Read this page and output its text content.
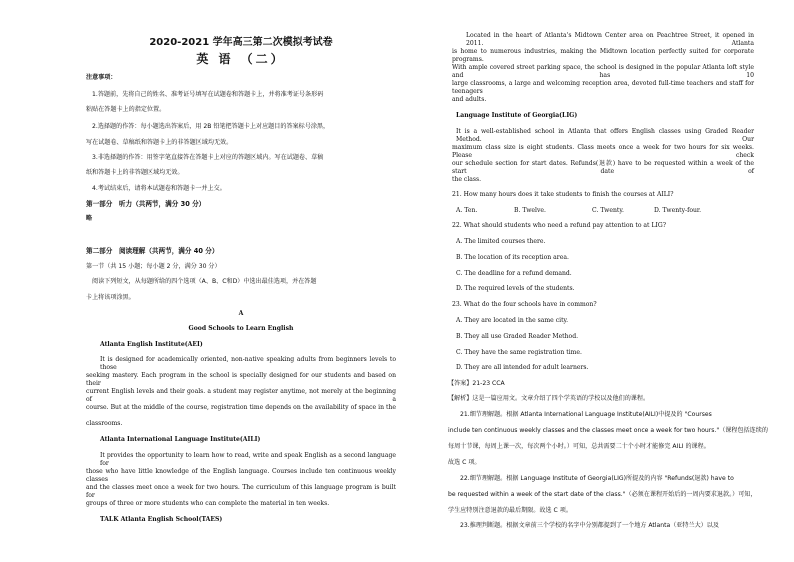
2020-2021 学年高三第二次模拟考试卷
英 语 （二）
注意事项：
1.答题前，先将自己的姓名、准考证号填写在试题卷和答题卡上，并将准考证号条形码
粘贴在答题卡上的指定位置。
2.选择题的作答：每小题选出答案后，用 2B 铅笔把答题卡上对应题目的答案标号涂黑，
写在试题卷、草稿纸和答题卡上的非答题区域均无效。
3.非选择题的作答：用签字笔直接答在答题卡上对应的答题区域内。写在试题卷、草稿
纸和答题卡上的非答题区域均无效。
4.考试结束后，请将本试题卷和答题卡一并上交。
第一部分　听力（共两节，满分 30 分）
略
第二部分　阅读理解（共两节，满分 40 分）
第一节（共 15 小题；每小题 2 分，满分 30 分）
阅读下列短文，从每题所给的四个选项（A、B、C和D）中选出最佳选项，并在答题
卡上将该项涂黑。
A
Good Schools to Learn English
Atlanta English Institute(AEI)
It is designed for academically oriented, non-native speaking adults from beginners levels to those
seeking mastery. Each program in the school is specially designed for our students and based on their
current English levels and their goals. a student may register anytime, not merely at the beginning of a
course. But at the middle of the course, registration time depends on the availability of space in the
classrooms.
Atlanta International Language Institute(AILI)
It provides the opportunity to learn how to read, write and speak English as a second language for
those who have little knowledge of the English language. Courses include ten continuous weekly classes
and the classes meet once a week for two hours. The curriculum of this language program is built for
groups of three or more students who can complete the material in ten weeks.
TALK Atlanta English School(TAES)
Located in the heart of Atlanta's Midtown Center area on Peachtree Street, it opened in 2011. Atlanta
is home to numerous industries, making the Midtown location perfectly suited for corporate programs.
With ample covered street parking space, the school is designed in the popular Atlanta loft style and has 10
large classrooms, a large and welcoming reception area, devoted full-time teachers and staff for teenagers
and adults.
Language Institute of Georgia(LIG)
It is a well-established school in Atlanta that offers English classes using Graded Reader Method. Our
maximum class size is eight students. Class meets once a week for two hours for six weeks. Please check
our schedule section for start dates. Refunds(退款) have to be requested within a week of the start date of
the class.
21. How many hours does it take students to finish the courses at AILI?
A. Ten.	B. Twelve.	C. Twenty.	D. Twenty-four.
22. What should students who need a refund pay attention to at LIG?
A. The limited courses there.
B. The location of its reception area.
C. The deadline for a refund demand.
D. The required levels of the students.
23. What do the four schools have in common?
A. They are located in the same city.
B. They all use Graded Reader Method.
C. They have the same registration time.
D. They are all intended for adult learners.
【答案】21-23 CCA
【解析】这是一篇应用文。文章介绍了四个学英语的学校以及他们的课程。
21.细节理解题。根据 Atlanta International Language Institute(AILI)中提及的 "Courses
include ten continuous weekly classes and the classes meet once a week for two hours."（课程包括连续的
每周十节课，每周上课一次，每次两个小时。）可知，总共需要二十个小时才能修完 AILI 的课程。
故选 C 项。
22.细节理解题。根据 Language Institute of Georgia(LIG)所提及的内容 "Refunds(退款) have to
be requested within a week of the start date of the class."（必须在课程开始后的一周内要求退款。）可知，
学生应特别注意退款的最后期限。故选 C 项。
23.推理判断题。根据文章前三个学校的名字中分别都提到了一个地方 Atlanta（亚特兰大）以及
